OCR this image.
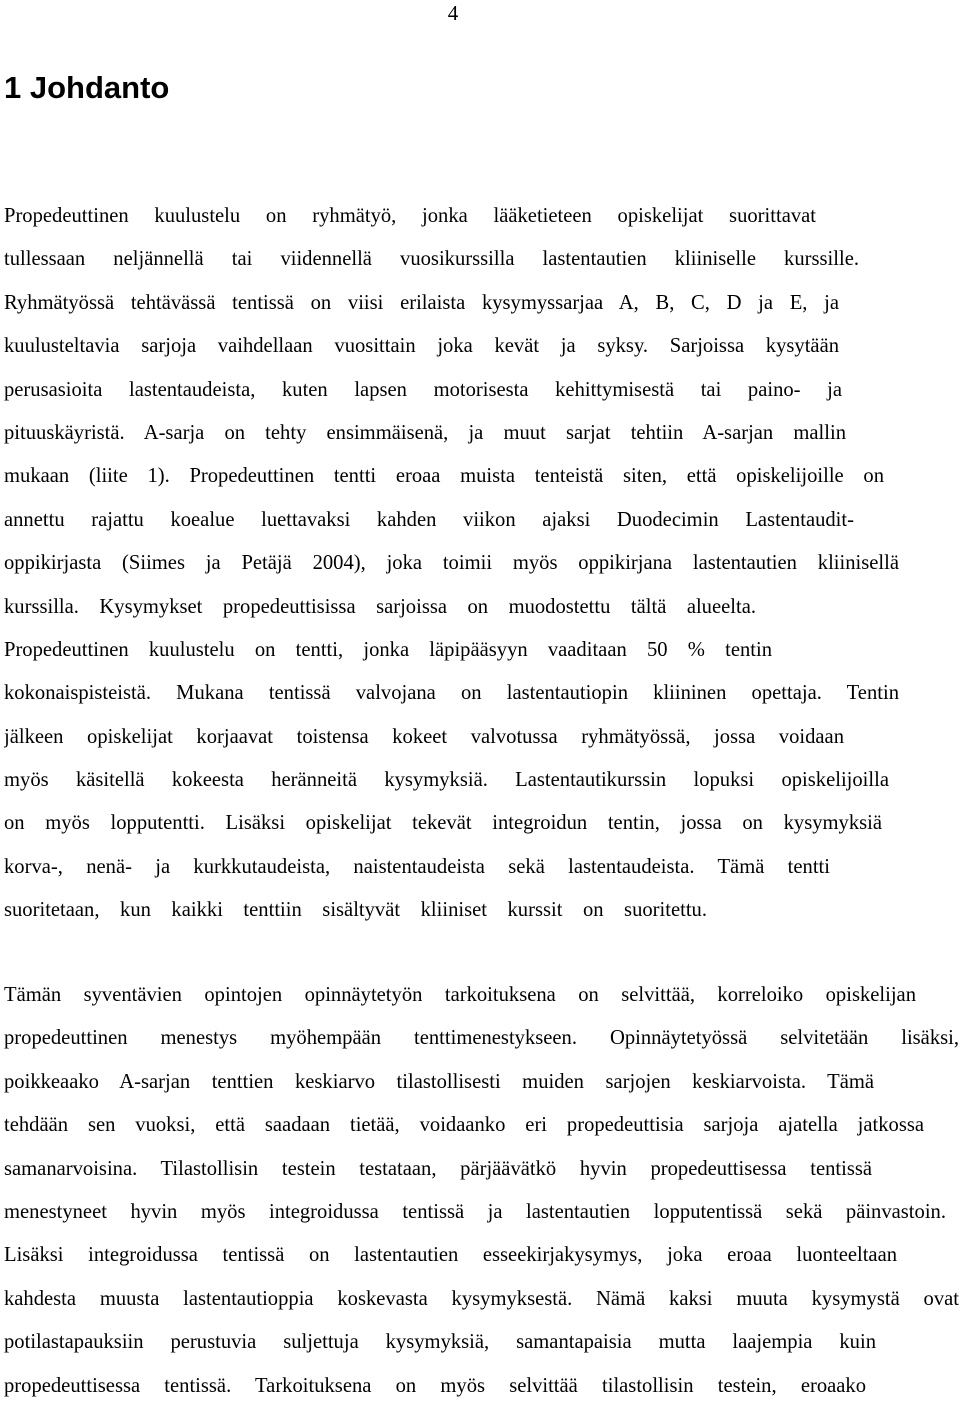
4
1 Johdanto
Propedeuttinen kuulustelu on ryhmätyö, jonka lääketieteen opiskelijat suorittavat
tullessaan neljännellä tai viidennellä vuosikurssilla lastentautien kliiniselle kurssille.
Ryhmätyössä tehtävässä tentissä on viisi erilaista kysymyssarjaa A, B, C, D ja E, ja
kuulusteltavia sarjoja vaihdellaan vuosittain joka kevät ja syksy. Sarjoissa kysytään
perusasioita lastentaudeista, kuten lapsen motorisesta kehittymisestä tai paino- ja
pituuskäyristä. A-sarja on tehty ensimmäisenä, ja muut sarjat tehtiin A-sarjan mallin
mukaan (liite 1). Propedeuttinen tentti eroaa muista tenteistä siten, että opiskelijoille on
annettu rajattu koealue luettavaksi kahden viikon ajaksi Duodecimin Lastentaudit-
oppikirjasta (Siimes ja Petäjä 2004), joka toimii myös oppikirjana lastentautien kliinisellä
kurssilla. Kysymykset propedeuttisissa sarjoissa on muodostettu tältä alueelta.
Propedeuttinen kuulustelu on tentti, jonka läpipääsyyn vaaditaan 50 % tentin
kokonaispisteistä. Mukana tentissä valvojana on lastentautiopin kliininen opettaja. Tentin
jälkeen opiskelijat korjaavat toistensa kokeet valvotussa ryhmätyössä, jossa voidaan
myös käsitellä kokeesta heränneitä kysymyksiä. Lastentautikurssin lopuksi opiskelijoilla
on myös lopputentti. Lisäksi opiskelijat tekevät integroidun tentin, jossa on kysymyksiä
korva-, nenä- ja kurkkutaudeista, naistentaudeista sekä lastentaudeista. Tämä tentti
suoritetaan, kun kaikki tenttiin sisältyvät kliiniset kurssit on suoritettu.
Tämän syventävien opintojen opinnäytetyön tarkoituksena on selvittää, korreloiko opiskelijan
propedeuttinen menestys myöhempään tenttimenestykseen. Opinnäytetyössä selvitetään lisäksi,
poikkeaako A-sarjan tenttien keskiarvo tilastollisesti muiden sarjojen keskiarvoista. Tämä
tehdään sen vuoksi, että saadaan tietää, voidaanko eri propedeuttisia sarjoja ajatella jatkossa
samanarvoisina. Tilastollisin testein testataan, pärjäävätkö hyvin propedeuttisessa tentissä
menestyneet hyvin myös integroidussa tentissä ja lastentautien lopputentissä sekä päinvastoin.
Lisäksi integroidussa tentissä on lastentautien esseekirjakysymys, joka eroaa luonteeltaan
kahdesta muusta lastentautioppia koskevasta kysymyksestä. Nämä kaksi muuta kysymystä ovat
potilastapauksiin perustuvia suljettuja kysymyksiä, samantapaisia mutta laajempia kuin
propedeuttisessa tentissä. Tarkoituksena on myös selvittää tilastollisin testein, eroaako
